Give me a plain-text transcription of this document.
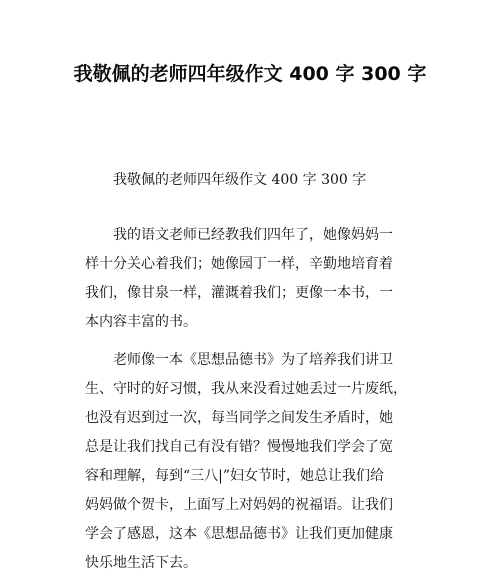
我敬佩的老师四年级作文 400 字 300 字

我敬佩的老师四年级作文 400 字 300 字

我的语文老师已经教我们四年了，她像妈妈一
样十分关心着我们；她像园丁一样，辛勤地培育着
我们，像甘泉一样，灌溉着我们；更像一本书，一
本内容丰富的书。
老师像一本《思想品德书》为了培养我们讲卫
生、守时的好习惯，我从来没看过她丢过一片废纸，
也没有迟到过一次，每当同学之间发生矛盾时，她
总是让我们找自己有没有错？慢慢地我们学会了宽
容和理解，每到“三八|”妇女节时，她总让我们给
妈妈做个贺卡，上面写上对妈妈的祝福语。让我们
学会了感恩，这本《思想品德书》让我们更加健康
快乐地生活下去。
